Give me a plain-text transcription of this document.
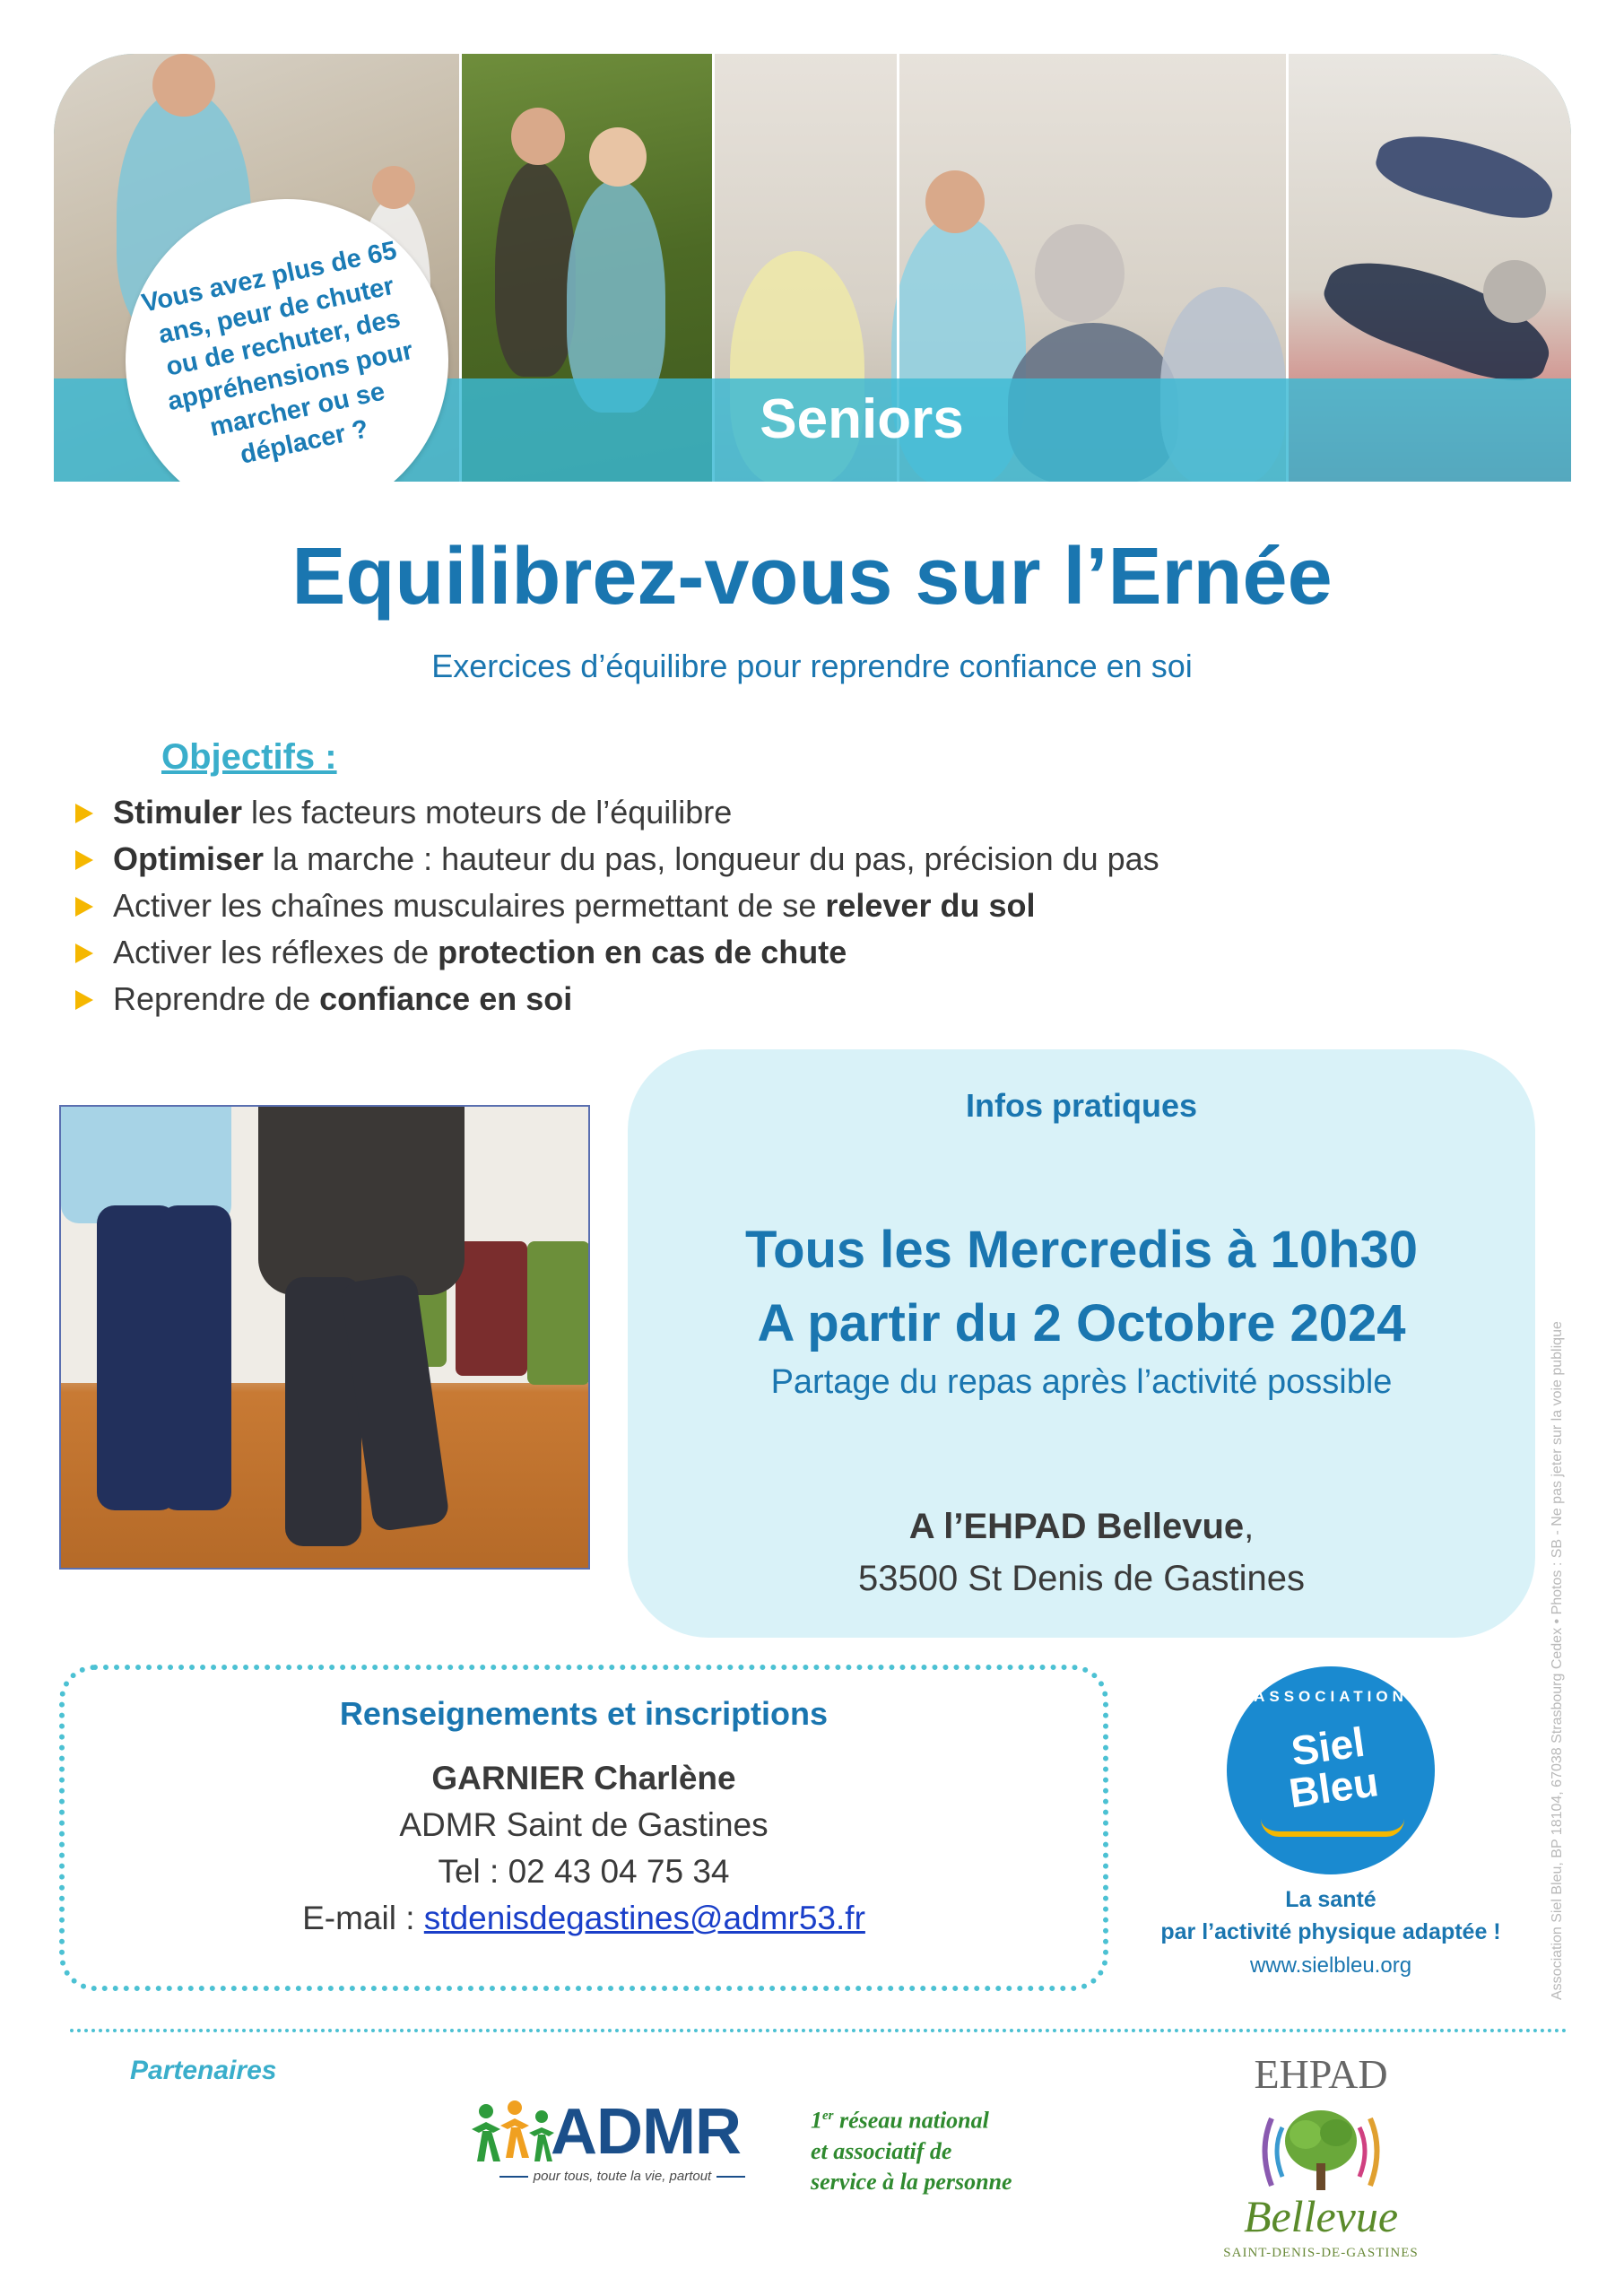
Seniors
Vous avez plus de 65 ans, peur de chuter ou de rechuter, des appréhensions pour marcher ou se déplacer ?
Equilibrez-vous sur l’Ernée
Exercices d’équilibre pour reprendre confiance en soi
Objectifs :
Stimuler les facteurs moteurs de l’équilibre
Optimiser la marche : hauteur du pas, longueur du pas, précision du pas
Activer les chaînes musculaires permettant de se relever du sol
Activer les réflexes de protection en cas de chute
Reprendre de confiance en soi
Infos pratiques
Tous les Mercredis à 10h30
A partir du 2 Octobre 2024
Partage du repas après l’activité possible
A l’EHPAD Bellevue,
53500 St Denis de Gastines
Renseignements et inscriptions
GARNIER Charlène
ADMR Saint de Gastines
Tel : 02 43 04 75 34
E-mail : stdenisdegastines@admr53.fr
ASSOCIATION
Siel
Bleu
La santé
par l’activité physique adaptée !
www.sielbleu.org	Association Siel Bleu, BP 18104, 67038 Strasbourg Cedex • Photos : SB - Ne pas jeter sur la voie publique
Partenaires
ADMR
pour tous, toute la vie, partout
1er réseau national
et associatif de
service à la personne
EHPAD
Bellevue
SAINT-DENIS-DE-GASTINES
